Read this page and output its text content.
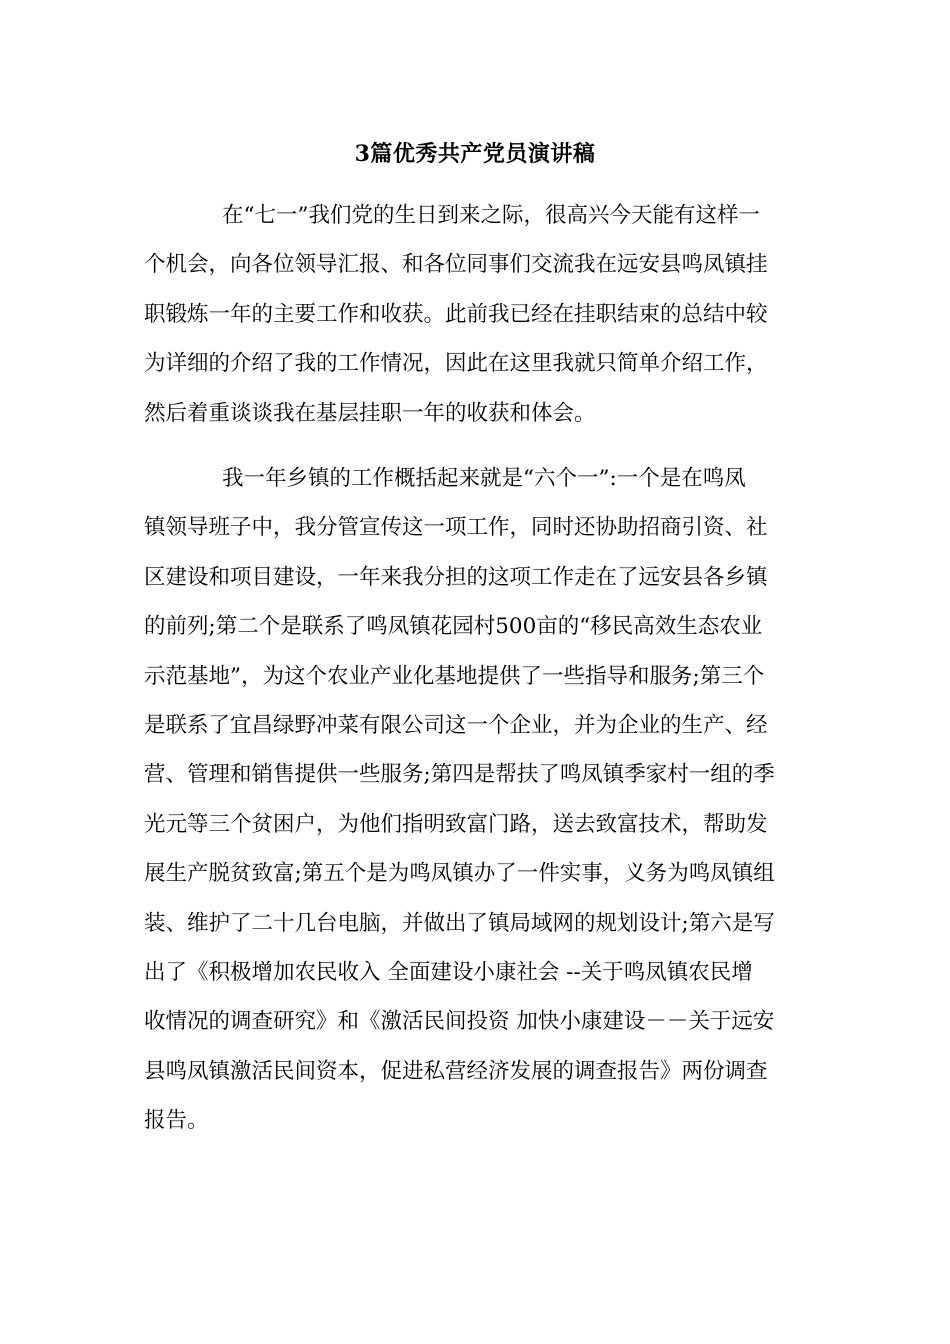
3篇优秀共产党员演讲稿
在“七一”我们党的生日到来之际，很高兴今天能有这样一
个机会，向各位领导汇报、和各位同事们交流我在远安县鸣凤镇挂
职锻炼一年的主要工作和收获。此前我已经在挂职结束的总结中较
为详细的介绍了我的工作情况，因此在这里我就只简单介绍工作，
然后着重谈谈我在基层挂职一年的收获和体会。
我一年乡镇的工作概括起来就是“六个一”:一个是在鸣凤
镇领导班子中，我分管宣传这一项工作，同时还协助招商引资、社
区建设和项目建设，一年来我分担的这项工作走在了远安县各乡镇
的前列;第二个是联系了鸣凤镇花园村500亩的“移民高效生态农业
示范基地”，为这个农业产业化基地提供了一些指导和服务;第三个
是联系了宜昌绿野冲菜有限公司这一个企业，并为企业的生产、经
营、管理和销售提供一些服务;第四是帮扶了鸣凤镇季家村一组的季
光元等三个贫困户，为他们指明致富门路，送去致富技术，帮助发
展生产脱贫致富;第五个是为鸣凤镇办了一件实事，义务为鸣凤镇组
装、维护了二十几台电脑，并做出了镇局域网的规划设计;第六是写
出了《积极增加农民收入 全面建设小康社会 --关于鸣凤镇农民增
收情况的调查研究》和《激活民间投资 加快小康建设－－关于远安
县鸣凤镇激活民间资本，促进私营经济发展的调查报告》两份调查
报告。
